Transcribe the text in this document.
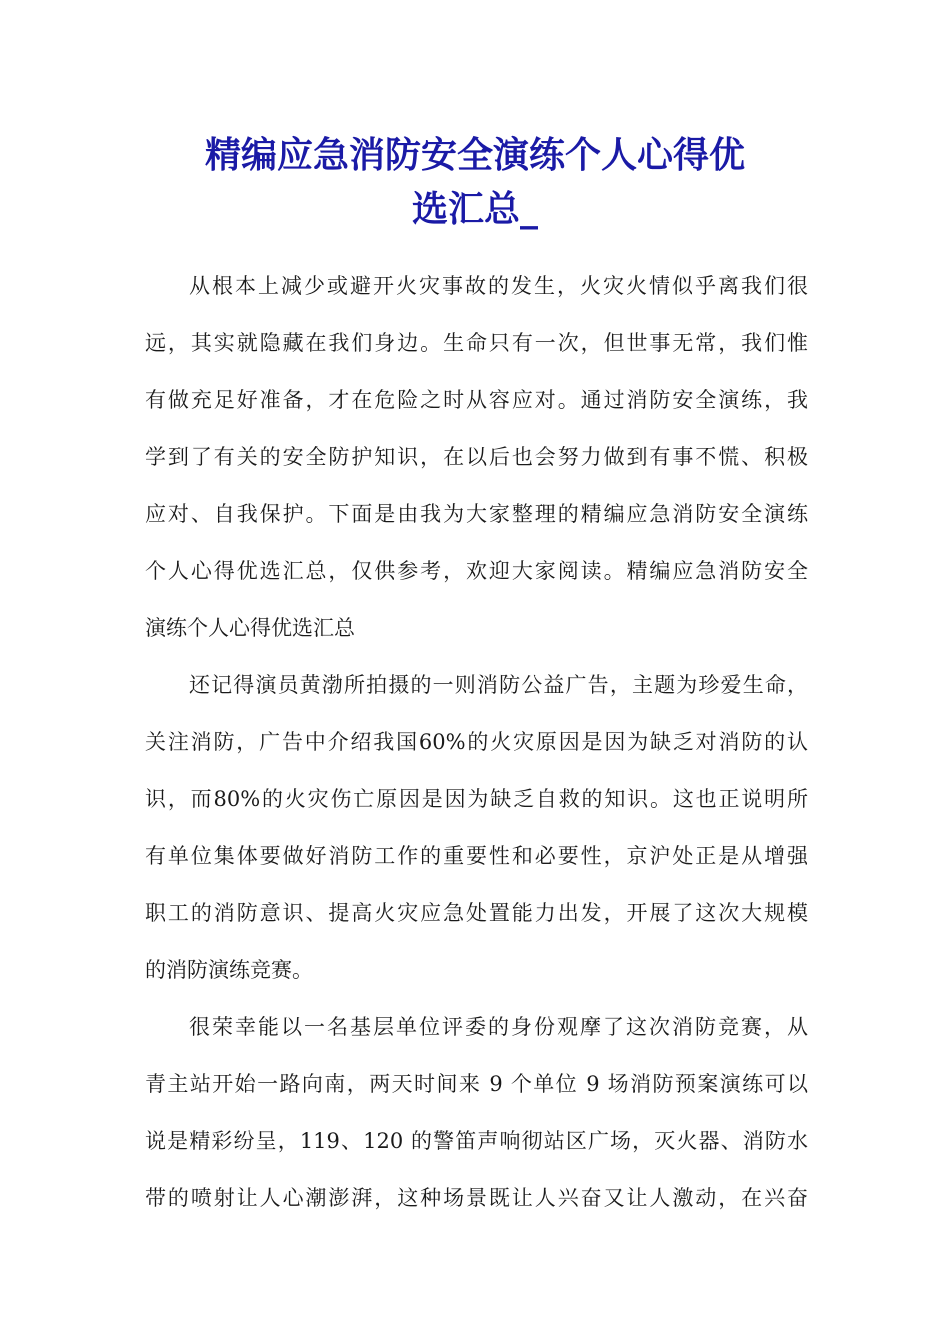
精编应急消防安全演练个人心得优
选汇总_
从根本上减少或避开火灾事故的发生，火灾火情似乎离我们很
远，其实就隐藏在我们身边。生命只有一次，但世事无常，我们惟
有做充足好准备，才在危险之时从容应对。通过消防安全演练，我
学到了有关的安全防护知识，在以后也会努力做到有事不慌、积极
应对、自我保护。下面是由我为大家整理的精编应急消防安全演练
个人心得优选汇总，仅供参考，欢迎大家阅读。精编应急消防安全
演练个人心得优选汇总
还记得演员黄渤所拍摄的一则消防公益广告，主题为珍爱生命，
关注消防，广告中介绍我国60%的火灾原因是因为缺乏对消防的认
识，而80%的火灾伤亡原因是因为缺乏自救的知识。这也正说明所
有单位集体要做好消防工作的重要性和必要性，京沪处正是从增强
职工的消防意识、提高火灾应急处置能力出发，开展了这次大规模
的消防演练竞赛。
很荣幸能以一名基层单位评委的身份观摩了这次消防竞赛，从
青主站开始一路向南，两天时间来 9 个单位 9 场消防预案演练可以
说是精彩纷呈，119、120 的警笛声响彻站区广场，灭火器、消防水
带的喷射让人心潮澎湃，这种场景既让人兴奋又让人激动，在兴奋
